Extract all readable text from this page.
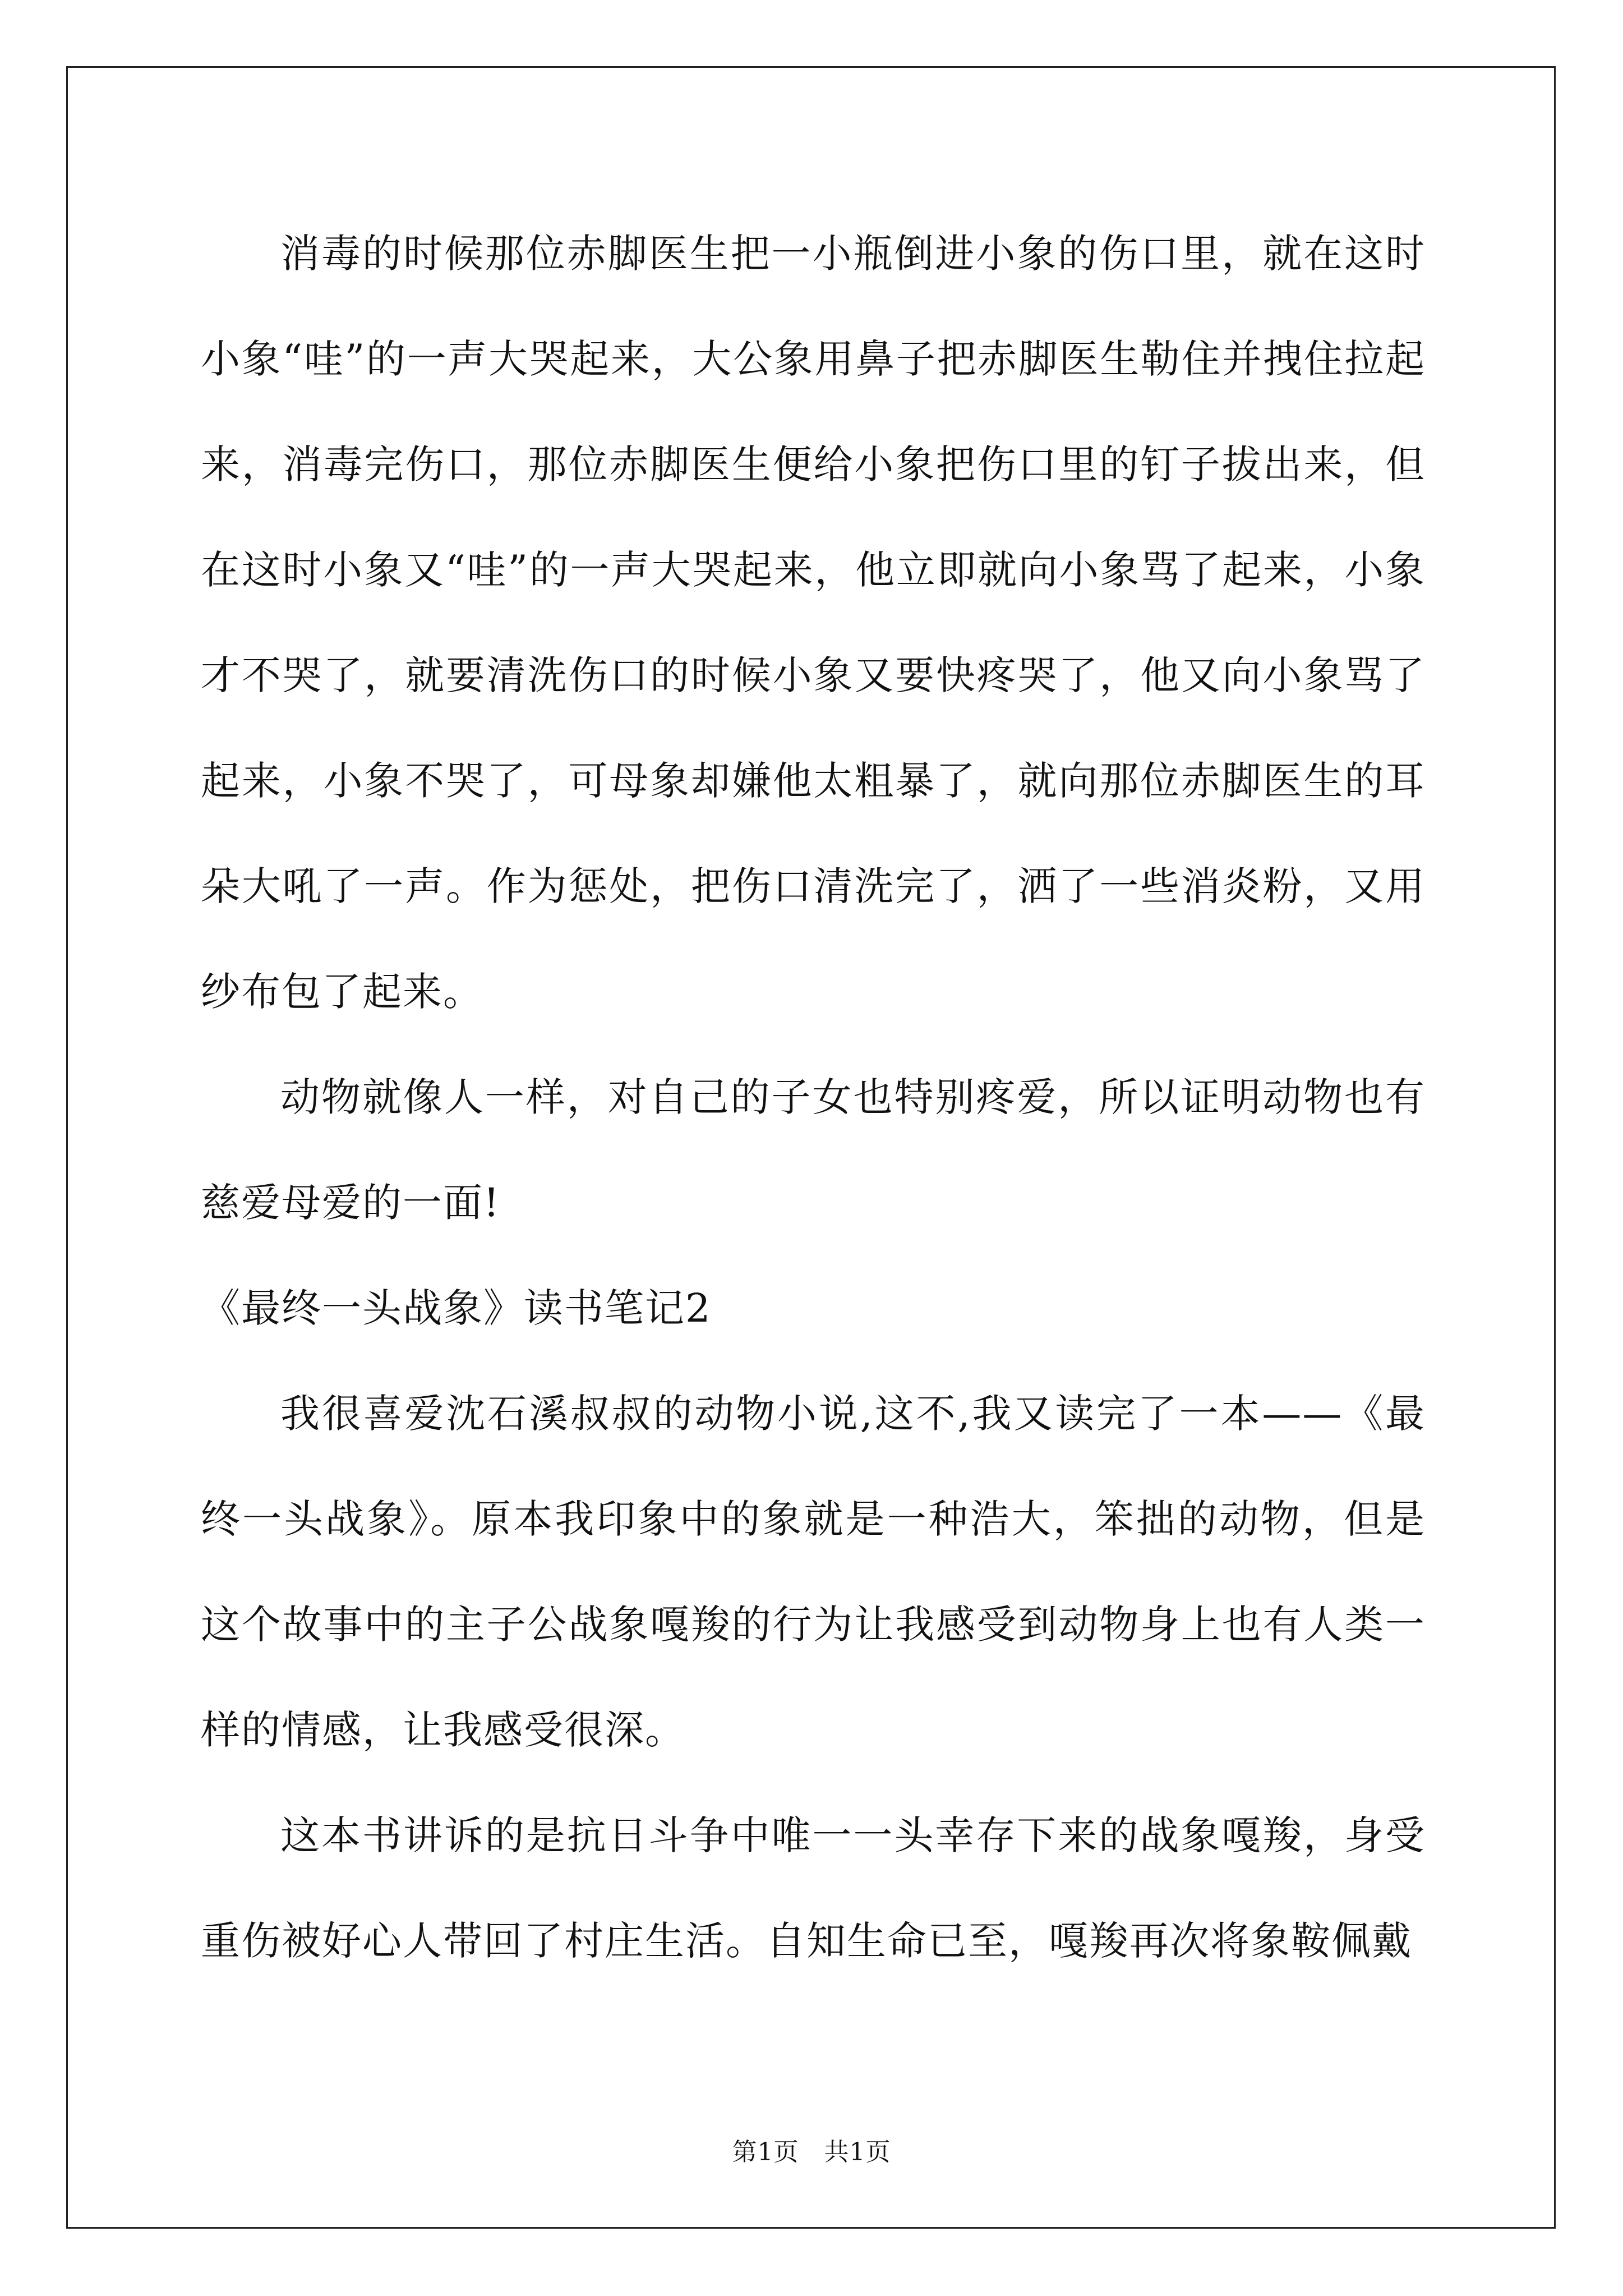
消毒的时候那位赤脚医生把一小瓶倒进小象的伤口里，就在这时小象“哇”的一声大哭起来，大公象用鼻子把赤脚医生勒住并拽住拉起来，消毒完伤口，那位赤脚医生便给小象把伤口里的钉子拔出来，但在这时小象又“哇”的一声大哭起来，他立即就向小象骂了起来，小象才不哭了，就要清洗伤口的时候小象又要快疼哭了，他又向小象骂了起来，小象不哭了，可母象却嫌他太粗暴了，就向那位赤脚医生的耳朵大吼了一声。作为惩处，把伤口清洗完了，洒了一些消炎粉，又用纱布包了起来。

动物就像人一样，对自己的子女也特别疼爱，所以证明动物也有慈爱母爱的一面!

《最终一头战象》读书笔记2

我很喜爱沈石溪叔叔的动物小说,这不,我又读完了一本——《最终一头战象》。原本我印象中的象就是一种浩大，笨拙的动物，但是这个故事中的主子公战象嘎羧的行为让我感受到动物身上也有人类一样的情感，让我感受很深。

这本书讲诉的是抗日斗争中唯一一头幸存下来的战象嘎羧，身受重伤被好心人带回了村庄生活。自知生命已至，嘎羧再次将象鞍佩戴

第1页 共1页
